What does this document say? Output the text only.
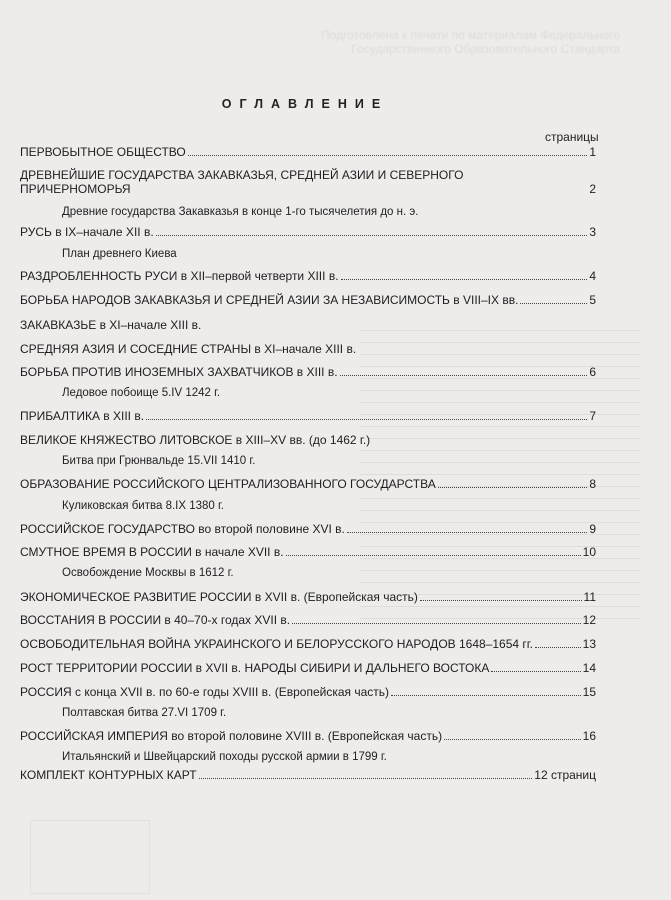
Подготовлена к печати по материалам Федерального
Государственного Образовательного Стандарта
ОГЛАВЛЕНИЕ
страницы
ПЕРВОБЫТНОЕ ОБЩЕСТВО	1
ДРЕВНЕЙШИЕ ГОСУДАРСТВА ЗАКАВКАЗЬЯ, СРЕДНЕЙ АЗИИ И СЕВЕРНОГО
ПРИЧЕРНОМОРЬЯ	2
Древние государства Закавказья в конце 1-го тысячелетия до н. э.
РУСЬ в IX–начале XII в.	3
План древнего Киева
РАЗДРОБЛЕННОСТЬ РУСИ в XII–первой четверти XIII в.	4
БОРЬБА НАРОДОВ ЗАКАВКАЗЬЯ И СРЕДНЕЙ АЗИИ ЗА НЕЗАВИСИМОСТЬ в VIII–IX вв.	5
ЗАКАВКАЗЬЕ в XI–начале XIII в.
СРЕДНЯЯ АЗИЯ И СОСЕДНИЕ СТРАНЫ в XI–начале XIII в.
БОРЬБА ПРОТИВ ИНОЗЕМНЫХ ЗАХВАТЧИКОВ в XIII в.	6
Ледовое побоище 5.IV 1242 г.
ПРИБАЛТИКА в XIII в.	7
ВЕЛИКОЕ КНЯЖЕСТВО ЛИТОВСКОЕ в XIII–XV вв. (до 1462 г.)
Битва при Грюнвальде 15.VII 1410 г.
ОБРАЗОВАНИЕ РОССИЙСКОГО ЦЕНТРАЛИЗОВАННОГО ГОСУДАРСТВА	8
Куликовская битва 8.IX 1380 г.
РОССИЙСКОЕ ГОСУДАРСТВО во второй половине XVI в.	9
СМУТНОЕ ВРЕМЯ В РОССИИ в начале XVII в.	10
Освобождение Москвы в 1612 г.
ЭКОНОМИЧЕСКОЕ РАЗВИТИЕ РОССИИ в XVII в. (Европейская часть)	11
ВОССТАНИЯ В РОССИИ в 40–70-х годах XVII в.	12
ОСВОБОДИТЕЛЬНАЯ ВОЙНА УКРАИНСКОГО И БЕЛОРУССКОГО НАРОДОВ 1648–1654 гг.	13
РОСТ ТЕРРИТОРИИ РОССИИ в XVII в. НАРОДЫ СИБИРИ И ДАЛЬНЕГО ВОСТОКА	14
РОССИЯ с конца XVII в. по 60-е годы XVIII в. (Европейская часть)	15
Полтавская битва 27.VI 1709 г.
РОССИЙСКАЯ ИМПЕРИЯ во второй половине XVIII в. (Европейская часть)	16
Итальянский и Швейцарский походы русской армии в 1799 г.
КОМПЛЕКТ КОНТУРНЫХ КАРТ	12 страниц
